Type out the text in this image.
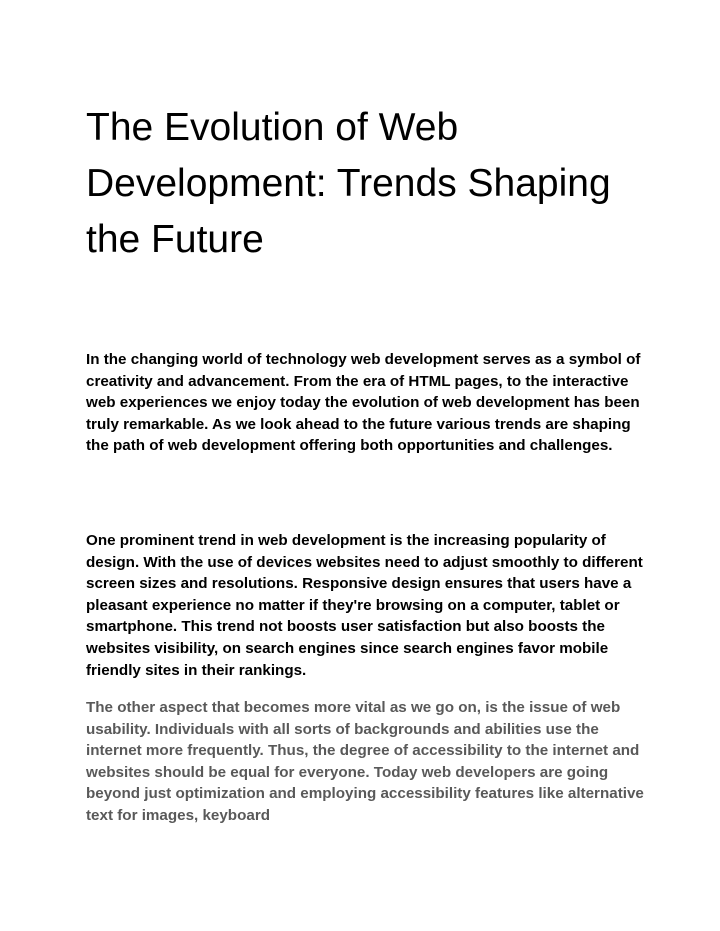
The Evolution of Web Development: Trends Shaping the Future

In the changing world of technology web development serves as a symbol of creativity and advancement. From the era of HTML pages, to the interactive web experiences we enjoy today the evolution of web development has been truly remarkable. As we look ahead to the future various trends are shaping the path of web development offering both opportunities and challenges.

One prominent trend in web development is the increasing popularity of design. With the use of devices websites need to adjust smoothly to different screen sizes and resolutions. Responsive design ensures that users have a pleasant experience no matter if they're browsing on a computer, tablet or smartphone. This trend not boosts user satisfaction but also boosts the websites visibility, on search engines since search engines favor mobile friendly sites in their rankings.

The other aspect that becomes more vital as we go on, is the issue of web usability. Individuals with all sorts of backgrounds and abilities use the internet more frequently. Thus, the degree of accessibility to the internet and websites should be equal for everyone. Today web developers are going beyond just optimization and employing accessibility features like alternative text for images, keyboard
